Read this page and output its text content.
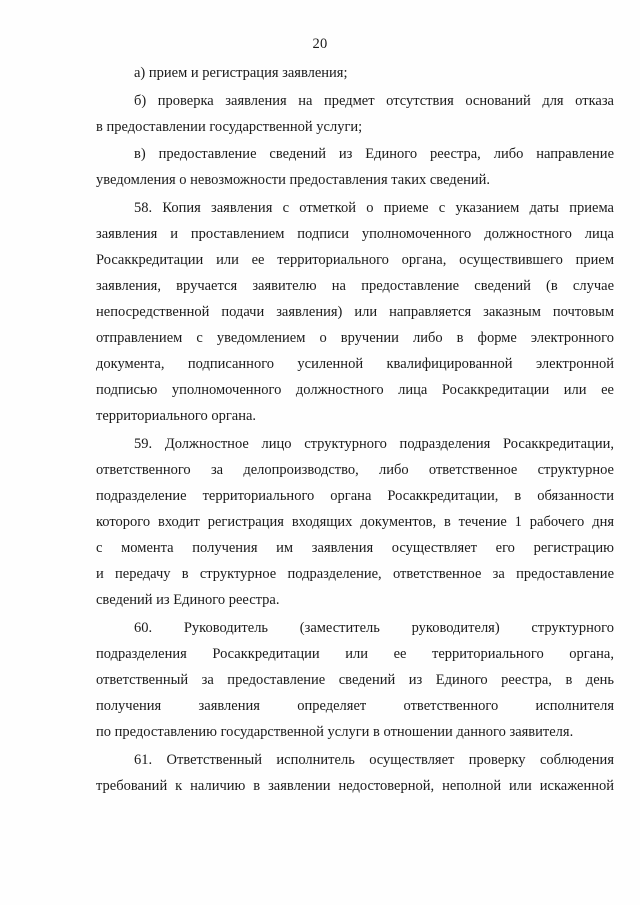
20
а) прием и регистрация заявления;
б) проверка заявления на предмет отсутствия оснований для отказа
в предоставлении государственной услуги;
в) предоставление сведений из Единого реестра, либо направление
уведомления о невозможности предоставления таких сведений.
58. Копия заявления с отметкой о приеме с указанием даты приема
заявления и проставлением подписи уполномоченного должностного лица
Росаккредитации или ее территориального органа, осуществившего прием
заявления, вручается заявителю на предоставление сведений (в случае
непосредственной подачи заявления) или направляется заказным почтовым
отправлением с уведомлением о вручении либо в форме электронного
документа, подписанного усиленной квалифицированной электронной
подписью уполномоченного должностного лица Росаккредитации или ее
территориального органа.
59. Должностное лицо структурного подразделения Росаккредитации,
ответственного за делопроизводство, либо ответственное структурное
подразделение территориального органа Росаккредитации, в обязанности
которого входит регистрация входящих документов, в течение 1 рабочего дня
с момента получения им заявления осуществляет его регистрацию
и передачу в структурное подразделение, ответственное за предоставление
сведений из Единого реестра.
60. Руководитель (заместитель руководителя) структурного
подразделения Росаккредитации или ее территориального органа,
ответственный за предоставление сведений из Единого реестра, в день
получения заявления определяет ответственного исполнителя
по предоставлению государственной услуги в отношении данного заявителя.
61. Ответственный исполнитель осуществляет проверку соблюдения
требований к наличию в заявлении недостоверной, неполной или искаженной
